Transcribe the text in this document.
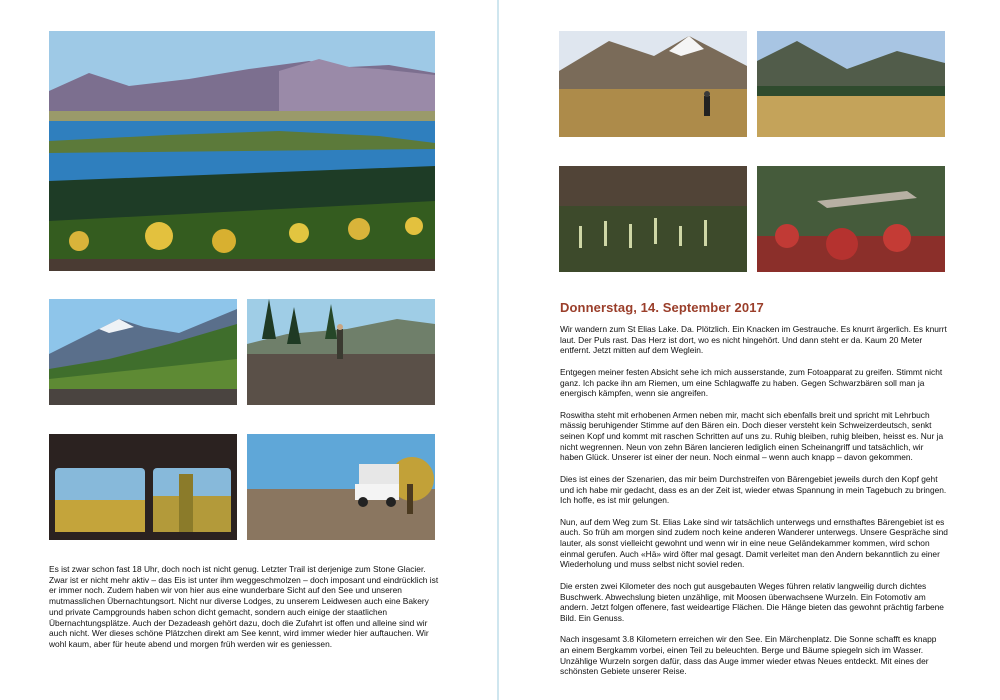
Es ist zwar schon fast 18 Uhr, doch noch ist nicht genug. Letzter Trail ist derjenige zum Stone Glacier. Zwar ist er nicht mehr aktiv – das Eis ist unter ihm weggeschmolzen – doch imposant und eindrücklich ist er immer noch. Zudem haben wir von hier aus eine wunderbare Sicht auf den See und unseren mutmasslichen Übernachtungsort. Nicht nur diverse Lodges, zu unserem Leidwesen auch eine Bakery und private Campgrounds haben schon dicht gemacht, sondern auch einige der staatlichen Übernachtungsplätze. Auch der Dezadeash gehört dazu, doch die Zufahrt ist offen und alleine sind wir auch nicht. Wer dieses schöne Plätzchen direkt am See kennt, wird immer wieder hier auftauchen. Wir wohl kaum, aber für heute abend und morgen früh werden wir es geniessen.

Donnerstag, 14. September 2017

Wir wandern zum St Elias Lake. Da. Plötzlich. Ein Knacken im Gestrauche. Es knurrt ärgerlich. Es knurrt laut. Der Puls rast. Das Herz ist dort, wo es nicht hingehört. Und dann steht er da. Kaum 20 Meter entfernt. Jetzt mitten auf dem Weglein.

Entgegen meiner festen Absicht sehe ich mich ausserstande, zum Fotoapparat zu greifen. Stimmt nicht ganz. Ich packe ihn am Riemen, um eine Schlagwaffe zu haben. Gegen Schwarzbären soll man ja energisch kämpfen, wenn sie angreifen.

Roswitha steht mit erhobenen Armen neben mir, macht sich ebenfalls breit und spricht mit Lehrbuch mässig beruhigender Stimme auf den Bären ein. Doch dieser versteht kein Schweizerdeutsch, senkt seinen Kopf und kommt mit raschen Schritten auf uns zu. Ruhig bleiben, ruhig bleiben, heisst es. Nur ja nicht wegrennen. Neun von zehn Bären lancieren lediglich einen Scheinangriff und tatsächlich, wir haben Glück. Unserer ist einer der neun. Noch einmal – wenn auch knapp – davon gekommen.

Dies ist eines der Szenarien, das mir beim Durchstreifen von Bärengebiet jeweils durch den Kopf geht und ich habe mir gedacht, dass es an der Zeit ist, wieder etwas Spannung in mein Tagebuch zu bringen. Ich hoffe, es ist mir gelungen.

Nun, auf dem Weg zum St. Elias Lake sind wir tatsächlich unterwegs und ernsthaftes Bärengebiet ist es auch. So früh am morgen sind zudem noch keine anderen Wanderer unterwegs. Unsere Gespräche sind lauter, als sonst vielleicht gewohnt und wenn wir in eine neue Geländekammer kommen, wird schon einmal gerufen. Auch «Hä» wird öfter mal gesagt. Damit verleitet man den Andern bekanntlich zu einer Wiederholung und muss selbst nicht soviel reden.

Die ersten zwei Kilometer des noch gut ausgebauten Weges führen relativ langweilig durch dichtes Buschwerk. Abwechslung bieten unzählige, mit Moosen überwachsene Wurzeln. Ein Fotomotiv am andern. Jetzt folgen offenere, fast weideartige Flächen. Die Hänge bieten das gewohnt prächtig farbene Bild. Ein Genuss.

Nach insgesamt 3.8 Kilometern erreichen wir den See. Ein Märchenplatz. Die Sonne schafft es knapp an einem Bergkamm vorbei, einen Teil zu beleuchten. Berge und Bäume spiegeln sich im Wasser. Unzählige Wurzeln sorgen dafür, dass das Auge immer wieder etwas Neues entdeckt. Mit eines der schönsten Gebiete unserer Reise.
